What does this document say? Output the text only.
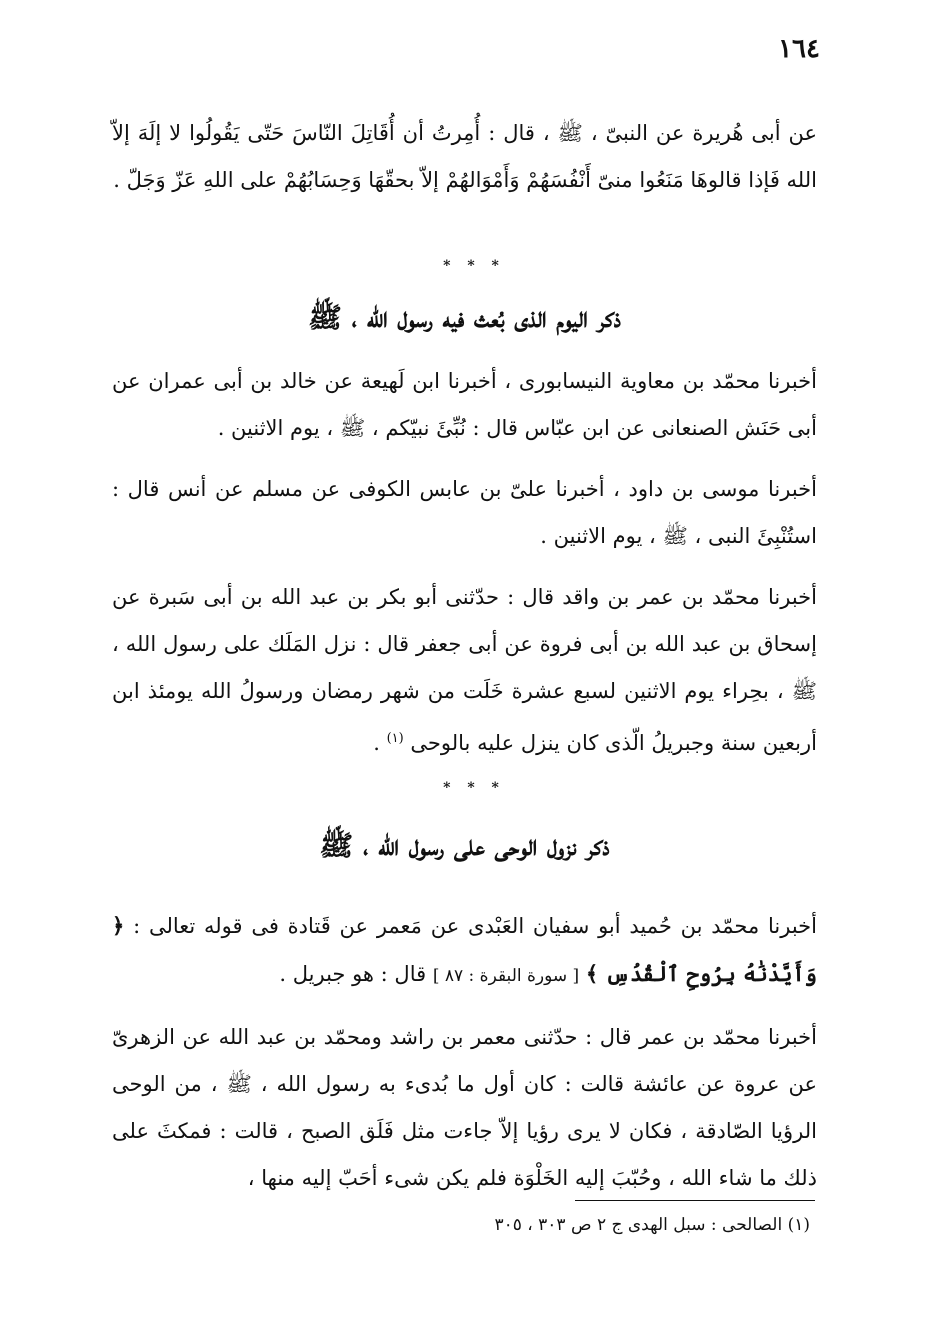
١٦٤

عن أبى هُريرة عن النبىّ ، ﷺ ، قال : أُمِرتُ أن أُقَاتِلَ النّاسَ حَتّى يَقُولُوا لا إلَهَ إلاّ الله فَإذا قالوهَا مَنَعُوا منىّ أَنْفُسَهُمْ وَأَمْوَالهُمْ إلاّ بحقّهَا وَحِسَابُهُمْ على اللهِ عَزّ وَجَلّ .

* * *
ذكر اليوم الذى بُعث فيه رسول الله ، ﷺ

أخبرنا محمّد بن معاوية النيسابورى ، أخبرنا ابن لَهيعة عن خالد بن أبى عمران عن أبى حَنَش الصنعانى عن ابن عبّاس قال : نُبِّئَ نبيّكم ، ﷺ ، يوم الاثنين .

أخبرنا موسى بن داود ، أخبرنا علىّ بن عابس الكوفى عن مسلم عن أنس قال : استُنْبِئَ النبى ، ﷺ ، يوم الاثنين .

أخبرنا محمّد بن عمر بن واقد قال : حدّثنى أبو بكر بن عبد الله بن أبى سَبرة عن إسحاق بن عبد الله بن أبى فروة عن أبى جعفر قال : نزل المَلَك على رسول الله ، ﷺ ، بحِراء يوم الاثنين لسبع عشرة خَلَت من شهر رمضان ورسولُ الله يومئذ ابن أربعين سنة وجبريلُ الّذى كان ينزل عليه بالوحى $^{(١)}$ .

* * *
ذكر نزول الوحى على رسول الله ، ﷺ

أخبرنا محمّد بن حُميد أبو سفيان العَبْدى عن مَعمر عن قَتادة فى قوله تعالى : ﴿ وَأَيَّدْنَٰهُ بِرُوحِ ٱلْقُدُسِ ﴾ [ سورة البقرة : ٨٧ ] قال : هو جبريل .

أخبرنا محمّد بن عمر قال : حدّثنى معمر بن راشد ومحمّد بن عبد الله عن الزهرىّ عن عروة عن عائشة قالت : كان أول ما بُدىء به رسول الله ، ﷺ ، من الوحى الرؤيا الصّادقة ، فكان لا يرى رؤيا إلاّ جاءت مثل فَلَق الصبح ، قالت : فمكثَ على ذلك ما شاء الله ، وحُبّبَ إليه الخَلْوَة فلم يكن شىء أحَبّ إليه منها ،

(١) الصالحى : سبل الهدى ج ٢ ص ٣٠٣ ، ٣٠٥
